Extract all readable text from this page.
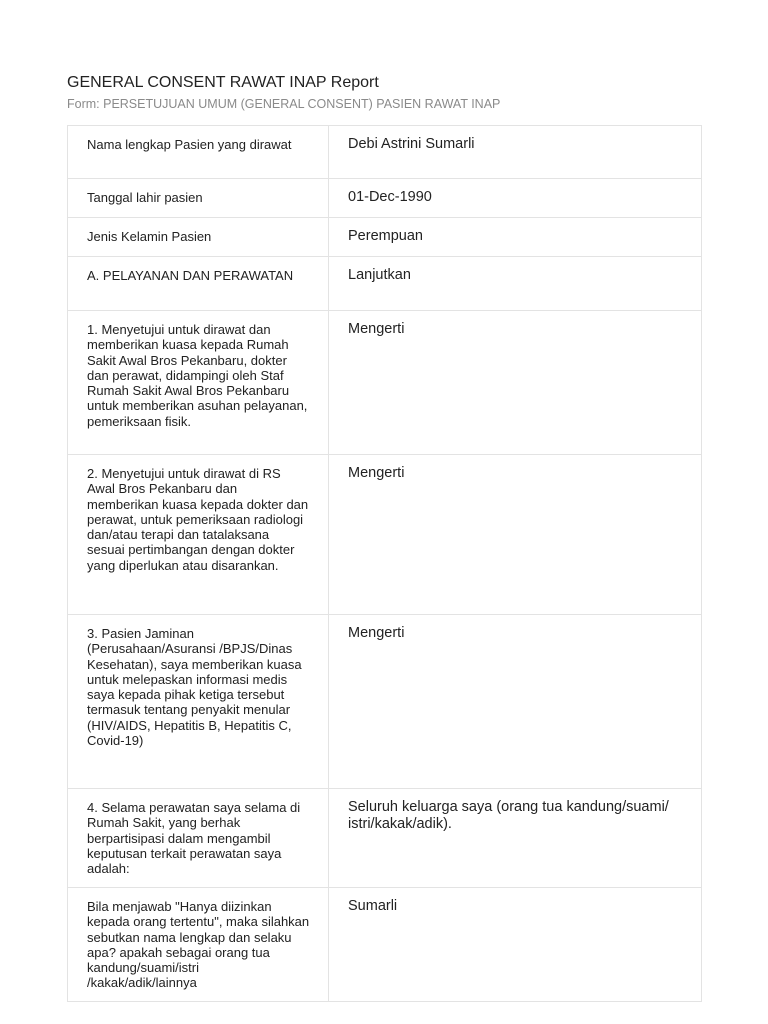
GENERAL CONSENT RAWAT INAP Report
Form: PERSETUJUAN UMUM (GENERAL CONSENT) PASIEN RAWAT INAP
Nama lengkap Pasien yang dirawat	Debi Astrini Sumarli
Tanggal lahir pasien	01-Dec-1990
Jenis Kelamin Pasien	Perempuan
A. PELAYANAN DAN PERAWATAN	Lanjutkan
1. Menyetujui untuk dirawat dan memberikan kuasa kepada Rumah Sakit Awal Bros Pekanbaru, dokter dan perawat, didampingi oleh Staf Rumah Sakit Awal Bros Pekanbaru untuk memberikan asuhan pelayanan, pemeriksaan fisik.	Mengerti
2. Menyetujui untuk dirawat di RS Awal Bros Pekanbaru dan memberikan kuasa kepada dokter dan perawat, untuk pemeriksaan radiologi dan/atau terapi dan tatalaksana sesuai pertimbangan dengan dokter yang diperlukan atau disarankan.	Mengerti
3. Pasien Jaminan (Perusahaan/Asuransi /BPJS/Dinas Kesehatan), saya memberikan kuasa untuk melepaskan informasi medis saya kepada pihak ketiga tersebut termasuk tentang penyakit menular (HIV/AIDS, Hepatitis B, Hepatitis C, Covid-19)	Mengerti
4. Selama perawatan saya selama di Rumah Sakit, yang berhak berpartisipasi dalam mengambil keputusan terkait perawatan saya adalah:	Seluruh keluarga saya (orang tua kandung/suami/ istri/kakak/adik).
Bila menjawab "Hanya diizinkan kepada orang tertentu", maka silahkan sebutkan nama lengkap dan selaku apa? apakah sebagai orang tua kandung/suami/istri /kakak/adik/lainnya	Sumarli
